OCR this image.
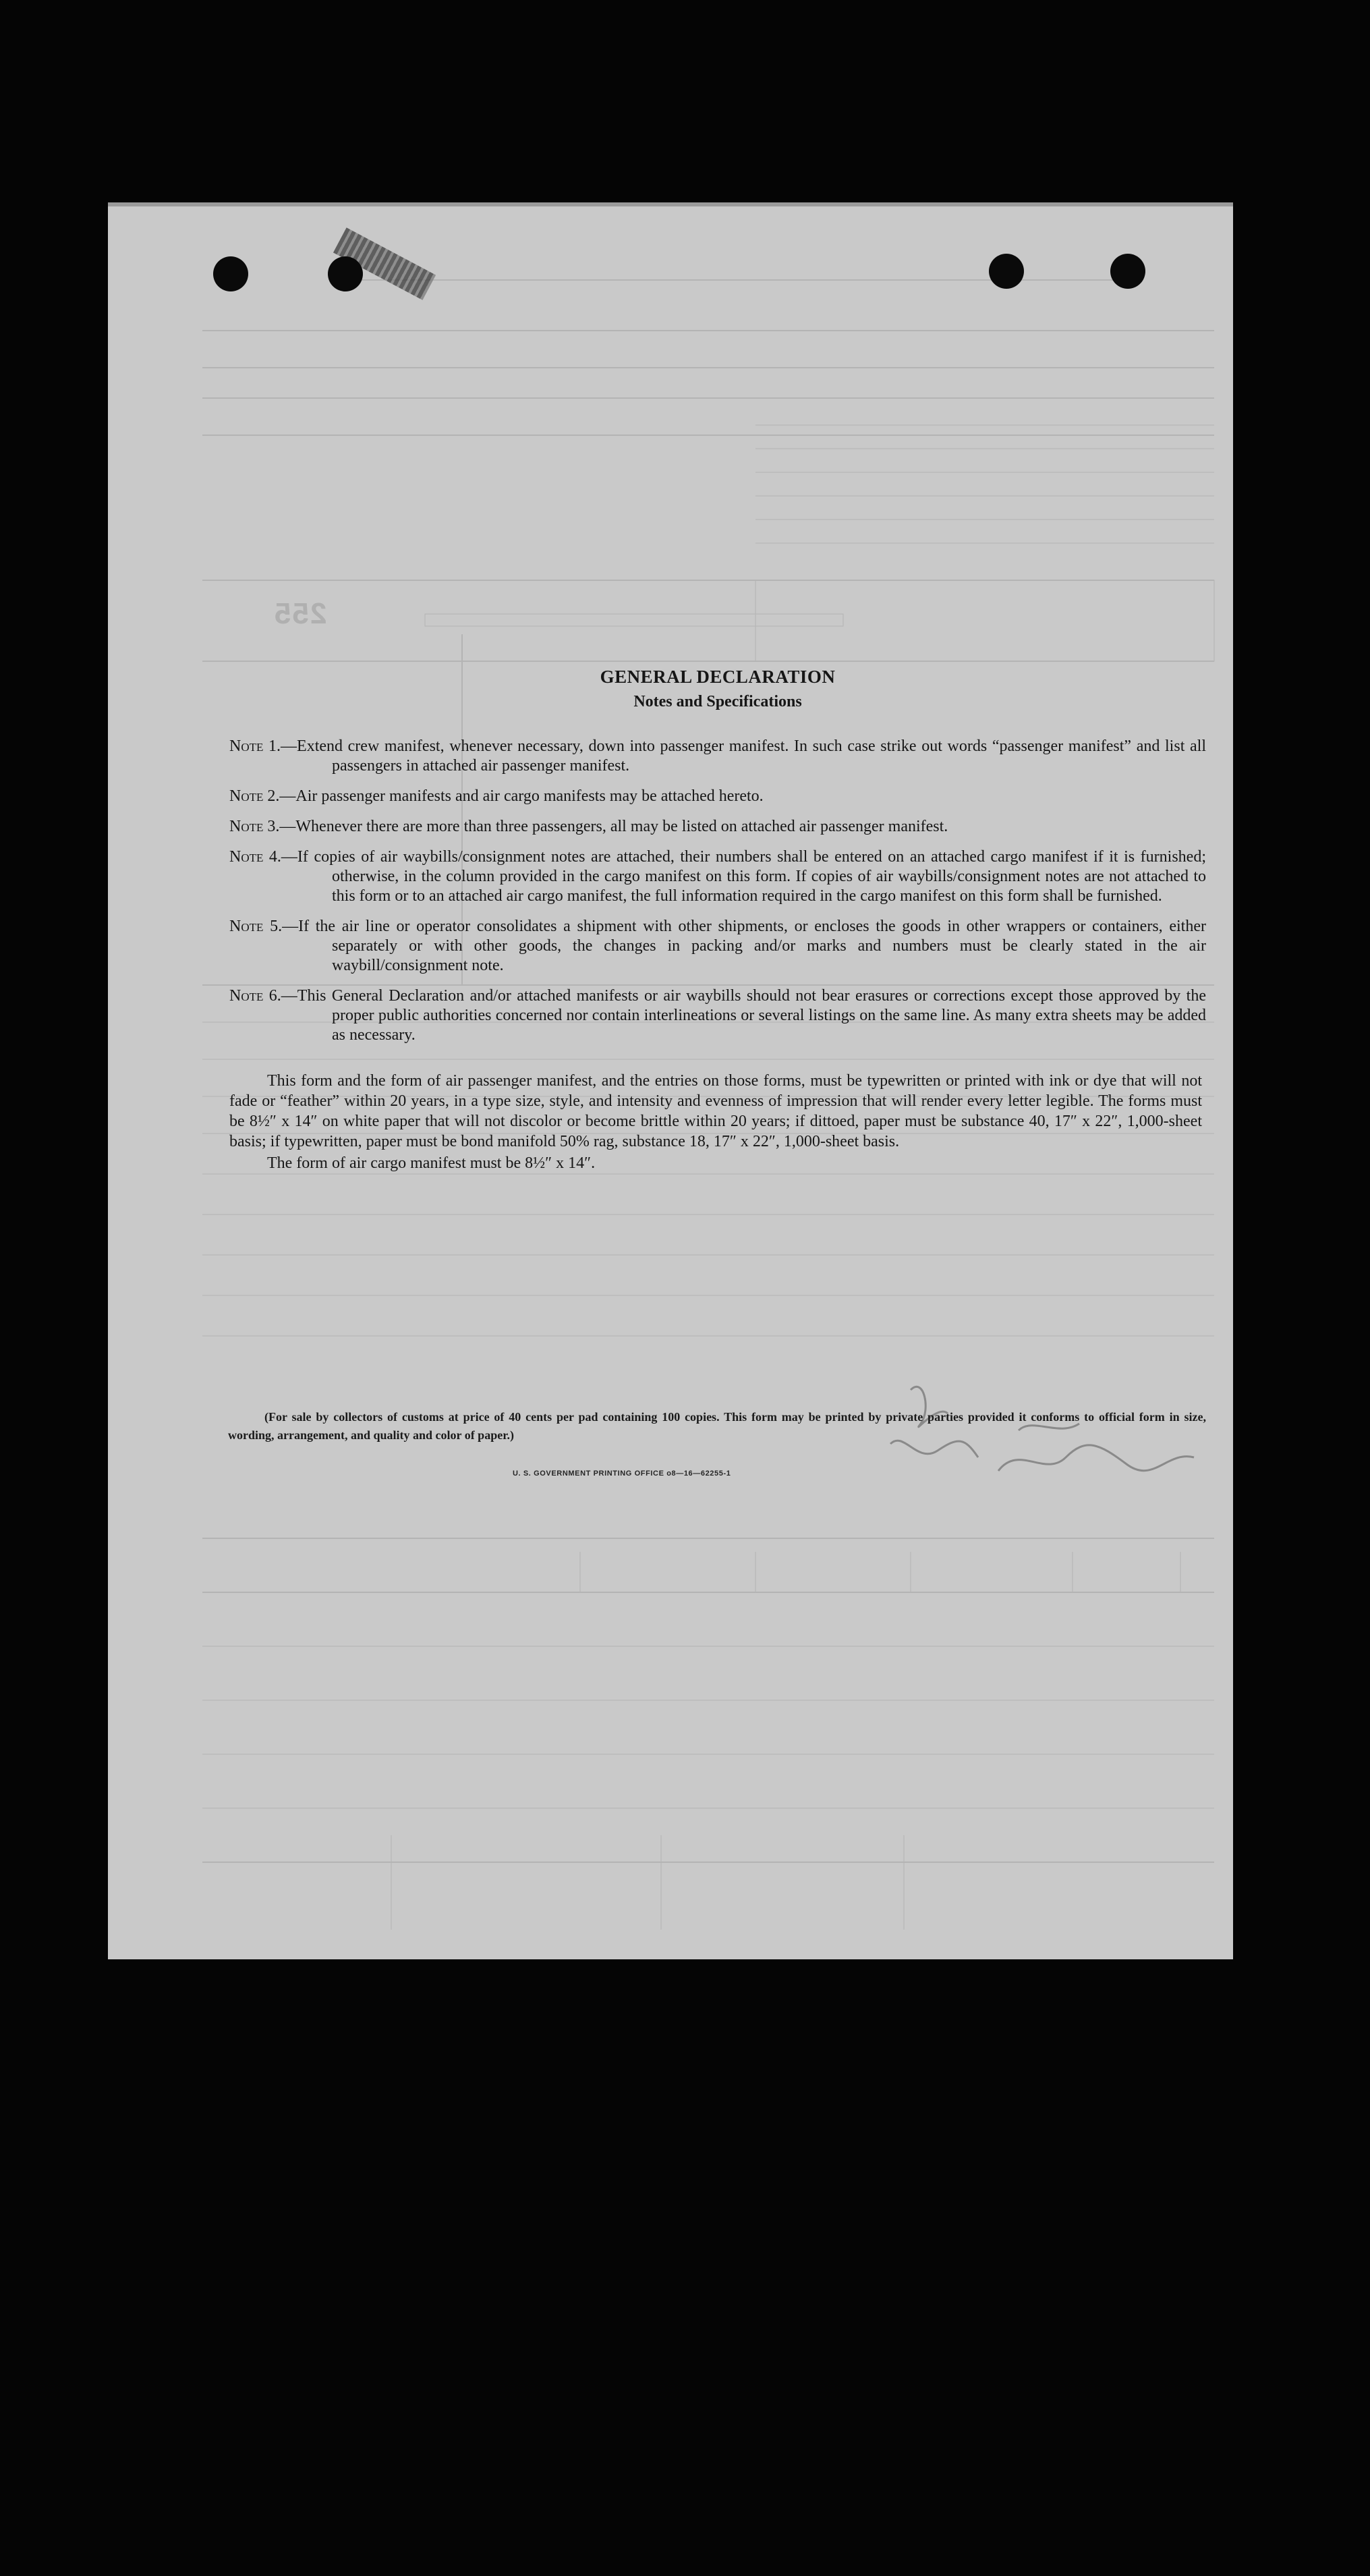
255
GENERAL DECLARATION
Notes and Specifications
Note 1.—Extend crew manifest, whenever necessary, down into passenger manifest. In such case strike out words “passenger manifest” and list all passengers in attached air passenger manifest.
Note 2.—Air passenger manifests and air cargo manifests may be attached hereto.
Note 3.—Whenever there are more than three passengers, all may be listed on attached air passenger manifest.
Note 4.—If copies of air waybills/consignment notes are attached, their numbers shall be entered on an attached cargo manifest if it is furnished; otherwise, in the column provided in the cargo manifest on this form. If copies of air waybills/consignment notes are not attached to this form or to an attached air cargo manifest, the full information required in the cargo manifest on this form shall be furnished.
Note 5.—If the air line or operator consolidates a shipment with other shipments, or encloses the goods in other wrappers or containers, either separately or with other goods, the changes in packing and/or marks and numbers must be clearly stated in the air waybill/consignment note.
Note 6.—This General Declaration and/or attached manifests or air waybills should not bear erasures or corrections except those approved by the proper public authorities concerned nor contain interlineations or several listings on the same line. As many extra sheets may be added as necessary.
This form and the form of air passenger manifest, and the entries on those forms, must be typewritten or printed with ink or dye that will not fade or “feather” within 20 years, in a type size, style, and intensity and evenness of impression that will render every letter legible. The forms must be 8½″ x 14″ on white paper that will not discolor or become brittle within 20 years; if dittoed, paper must be substance 40, 17″ x 22″, 1,000-sheet basis; if typewritten, paper must be bond manifold 50% rag, substance 18, 17″ x 22″, 1,000-sheet basis.
The form of air cargo manifest must be 8½″ x 14″.
(For sale by collectors of customs at price of 40 cents per pad containing 100 copies. This form may be printed by private parties provided it conforms to official form in size, wording, arrangement, and quality and color of paper.)
U. S. GOVERNMENT PRINTING OFFICE o8—16—62255-1
